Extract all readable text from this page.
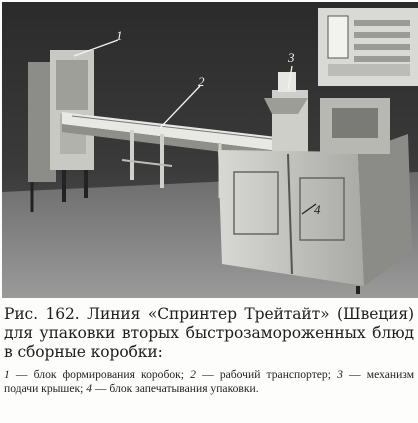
1
2
3
4

Рис. 162. Линия «Спринтер Трейтайт» (Швеция) для упаковки вторых быстрозамороженных блюд в сборные коробки:

1 — блок формирования коробок; 2 — рабочий транспортер; 3 — механизм подачи крышек; 4 — блок запечатывания упаковки.
